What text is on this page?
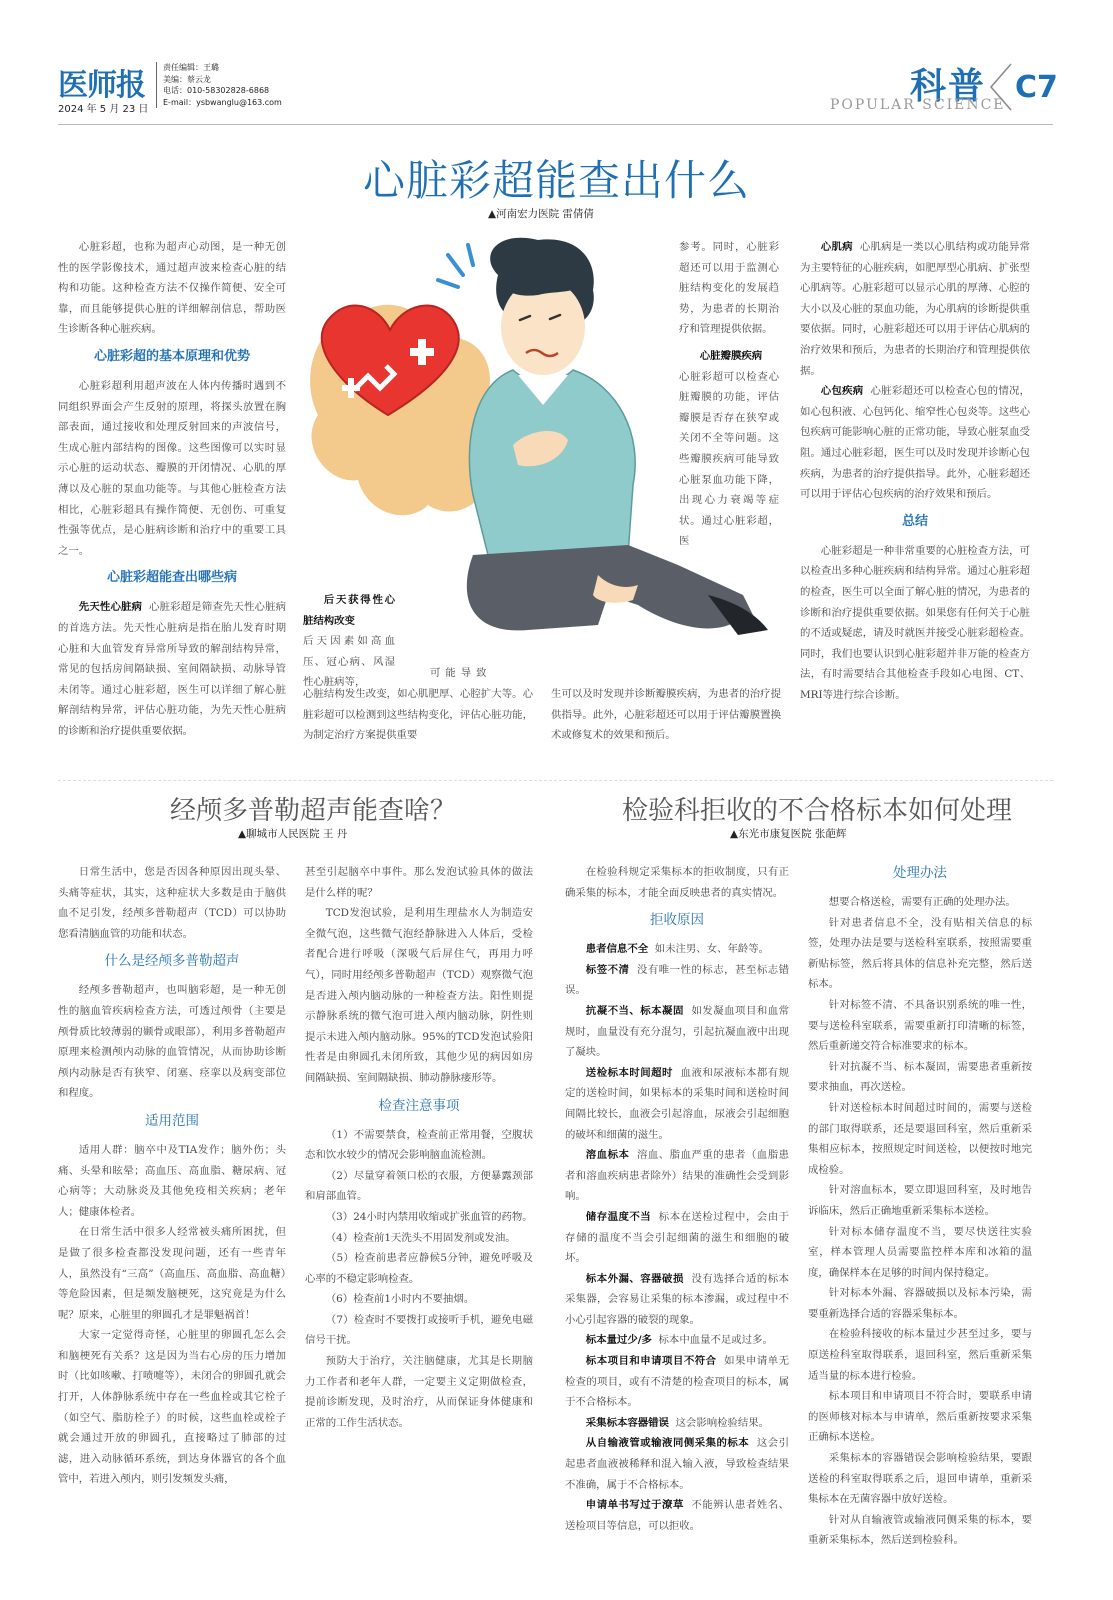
医师报
2024 年 5 月 23 日
责任编辑：王璐
美编：蔡云龙
电话：010-58302828-6868
E-mail：ysbwanglu@163.com	科普
POPULAR SCIENCE C7
心脏彩超能查出什么
▲河南宏力医院 雷倩倩

心脏彩超，也称为超声心动图，是一种无创性的医学影像技术，通过超声波来检查心脏的结构和功能。这种检查方法不仅操作简便、安全可靠，而且能够提供心脏的详细解剖信息，帮助医生诊断各种心脏疾病。

心脏彩超的基本原理和优势

心脏彩超利用超声波在人体内传播时遇到不同组织界面会产生反射的原理，将探头放置在胸部表面，通过接收和处理反射回来的声波信号，生成心脏内部结构的图像。这些图像可以实时显示心脏的运动状态、瓣膜的开闭情况、心肌的厚薄以及心脏的泵血功能等。与其他心脏检查方法相比，心脏彩超具有操作简便、无创伤、可重复性强等优点，是心脏病诊断和治疗中的重要工具之一。

心脏彩超能查出哪些病

先天性心脏病 心脏彩超是筛查先天性心脏病的首选方法。先天性心脏病是指在胎儿发育时期心脏和大血管发育异常所导致的解剖结构异常，常见的包括房间隔缺损、室间隔缺损、动脉导管未闭等。通过心脏彩超，医生可以详细了解心脏解剖结构异常，评估心脏功能，为先天性心脏病的诊断和治疗提供重要依据。

后天获得性心脏结构改变

后天因素如高血压、冠心病、风湿性心脏病等，

可能导致

心脏结构发生改变，如心肌肥厚、心腔扩大等。心脏彩超可以检测到这些结构变化，评估心脏功能，为制定治疗方案提供重要

参考。同时，心脏彩超还可以用于监测心脏结构变化的发展趋势，为患者的长期治疗和管理提供依据。

心脏瓣膜疾病

心脏彩超可以检查心脏瓣膜的功能，评估瓣膜是否存在狭窄或关闭不全等问题。这些瓣膜疾病可能导致心脏泵血功能下降，出现心力衰竭等症状。通过心脏彩超，医

生可以及时发现并诊断瓣膜疾病，为患者的治疗提供指导。此外，心脏彩超还可以用于评估瓣膜置换术或修复术的效果和预后。

心肌病 心肌病是一类以心肌结构或功能异常为主要特征的心脏疾病，如肥厚型心肌病、扩张型心肌病等。心脏彩超可以显示心肌的厚薄、心腔的大小以及心脏的泵血功能，为心肌病的诊断提供重要依据。同时，心脏彩超还可以用于评估心肌病的治疗效果和预后，为患者的长期治疗和管理提供依据。

心包疾病 心脏彩超还可以检查心包的情况，如心包积液、心包钙化、缩窄性心包炎等。这些心包疾病可能影响心脏的正常功能，导致心脏泵血受阻。通过心脏彩超，医生可以及时发现并诊断心包疾病，为患者的治疗提供指导。此外，心脏彩超还可以用于评估心包疾病的治疗效果和预后。

总结

心脏彩超是一种非常重要的心脏检查方法，可以检查出多种心脏疾病和结构异常。通过心脏彩超的检查，医生可以全面了解心脏的情况，为患者的诊断和治疗提供重要依据。如果您有任何关于心脏的不适或疑虑，请及时就医并接受心脏彩超检查。同时，我们也要认识到心脏彩超并非万能的检查方法，有时需要结合其他检查手段如心电图、CT、MRI等进行综合诊断。

经颅多普勒超声能查啥？
▲聊城市人民医院 王 丹

日常生活中，您是否因各种原因出现头晕、头痛等症状，其实，这种症状大多数是由于脑供血不足引发，经颅多普勒超声（TCD）可以协助您看清脑血管的功能和状态。

什么是经颅多普勒超声

经颅多普勒超声，也叫脑彩超，是一种无创性的脑血管疾病检查方法，可透过颅骨（主要是颅骨质比较薄弱的颞骨或眼部），利用多普勒超声原理来检测颅内动脉的血管情况，从而协助诊断颅内动脉是否有狭窄、闭塞、痉挛以及病变部位和程度。

适用范围

适用人群：脑卒中及TIA发作；脑外伤；头痛、头晕和眩晕；高血压、高血脂、糖尿病、冠心病等；大动脉炎及其他免疫相关疾病；老年人；健康体检者。

在日常生活中很多人经常被头痛所困扰，但是做了很多检查都没发现问题，还有一些青年人，虽然没有“三高”（高血压、高血脂、高血糖）等危险因素，但是频发脑梗死，这究竟是为什么呢？原来，心脏里的卵圆孔才是罪魁祸首！

大家一定觉得奇怪，心脏里的卵圆孔怎么会和脑梗死有关系？这是因为当右心房的压力增加时（比如咳嗽、打喷嚏等），未闭合的卵圆孔就会打开，人体静脉系统中存在一些血栓或其它栓子（如空气、脂肪栓子）的时候，这些血栓或栓子就会通过开放的卵圆孔，直接略过了肺部的过滤，进入动脉循环系统，到达身体器官的各个血管中，若进入颅内，则引发频发头痛，

甚至引起脑卒中事件。那么发泡试验具体的做法是什么样的呢？

TCD发泡试验，是利用生理盐水人为制造安全微气泡，这些微气泡经静脉进入人体后，受检者配合进行呼吸（深吸气后屏住气，再用力呼气），同时用经颅多普勒超声（TCD）观察微气泡是否进入颅内脑动脉的一种检查方法。阳性则提示静脉系统的微气泡可进入颅内脑动脉，阴性则提示未进入颅内脑动脉。95%的TCD发泡试验阳性者是由卵圆孔未闭所致，其他少见的病因如房间隔缺损、室间隔缺损、肺动静脉瘘形等。

检查注意事项

（1）不需要禁食，检查前正常用餐，空腹状态和饮水较少的情况会影响脑血流检测。

（2）尽量穿着领口松的衣服，方便暴露颈部和肩部血管。

（3）24小时内禁用收缩或扩张血管的药物。

（4）检查前1天洗头不用固发剂或发油。

（5）检查前患者应静候5分钟，避免呼吸及心率的不稳定影响检查。

（6）检查前1小时内不要抽烟。

（7）检查时不要拨打或接听手机，避免电磁信号干扰。

预防大于治疗，关注脑健康，尤其是长期脑力工作者和老年人群，一定要主义定期做检查，提前诊断发现，及时治疗，从而保证身体健康和正常的工作生活状态。

检验科拒收的不合格标本如何处理
▲东光市康复医院 张葩辉

在检验科规定采集标本的拒收制度，只有正确采集的标本，才能全面反映患者的真实情况。

拒收原因

患者信息不全 如未注男、女、年龄等。

标签不清 没有唯一性的标志，甚至标志错误。

抗凝不当、标本凝固 如发凝血项目和血常规时，血量没有充分混匀，引起抗凝血液中出现了凝块。

送检标本时间超时 血液和尿液标本都有规定的送检时间，如果标本的采集时间和送检时间间隔比较长，血液会引起溶血，尿液会引起细胞的破坏和细菌的滋生。

溶血标本 溶血、脂血严重的患者（血脂患者和溶血疾病患者除外）结果的准确性会受到影响。

储存温度不当 标本在送检过程中，会由于存储的温度不当会引起细菌的滋生和细胞的破坏。

标本外漏、容器破损 没有选择合适的标本采集器，会容易让采集的标本渗漏，或过程中不小心引起容器的破裂的现象。

标本量过少/多 标本中血量不足或过多。

标本项目和申请项目不符合 如果申请单无检查的项目，或有不清楚的检查项目的标本，属于不合格标本。

采集标本容器错误 这会影响检验结果。

从自输液管或输液同侧采集的标本 这会引起患者血液被稀释和混入输入液，导致检查结果不准确，属于不合格标本。

申请单书写过于潦草 不能辨认患者姓名、送检项目等信息，可以拒收。

处理办法

想要合格送检，需要有正确的处理办法。

针对患者信息不全，没有贴相关信息的标签，处理办法是要与送检科室联系，按照需要重新贴标签，然后将具体的信息补充完整，然后送标本。

针对标签不清、不具备识别系统的唯一性，要与送检科室联系，需要重新打印清晰的标签，然后重新递交符合标准要求的标本。

针对抗凝不当、标本凝固，需要患者重新按要求抽血，再次送检。

针对送检标本时间超过时间的，需要与送检的部门取得联系，还是要退回科室，然后重新采集相应标本，按照规定时间送检，以便按时地完成检验。

针对溶血标本，要立即退回科室，及时地告诉临床，然后正确地重新采集标本送检。

针对标本储存温度不当，要尽快送往实验室，样本管理人员需要监控样本库和冰箱的温度，确保样本在足够的时间内保持稳定。

针对标本外漏、容器破损以及标本污染，需要重新选择合适的容器采集标本。

在检验科接收的标本量过少甚至过多，要与原送检科室取得联系，退回科室，然后重新采集适当量的标本进行检验。

标本项目和申请项目不符合时，要联系申请的医师核对标本与申请单，然后重新按要求采集正确标本送检。

采集标本的容器错误会影响检验结果，要跟送检的科室取得联系之后，退回申请单，重新采集标本在无菌容器中放好送检。

针对从自输液管或输液同侧采集的标本，要重新采集标本，然后送到检验科。
